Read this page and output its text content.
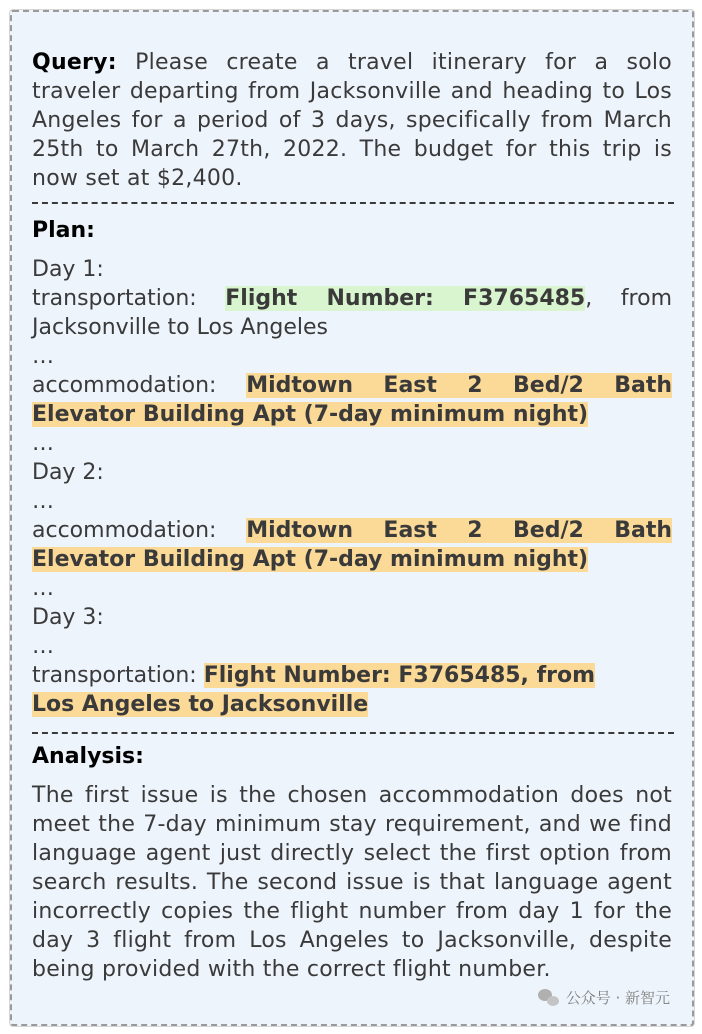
Query: Please create a travel itinerary for a solo traveler departing from Jacksonville and heading to Los Angeles for a period of 3 days, specifically from March 25th to March 27th, 2022. The budget for this trip is now set at $2,400.

Plan:

Day 1:

transportation: Flight Number: F3765485, from

Jacksonville to Los Angeles

…

accommodation: Midtown East 2 Bed/2 Bath

Elevator Building Apt (7-day minimum night)

…

Day 2:

…

accommodation: Midtown East 2 Bed/2 Bath

Elevator Building Apt (7-day minimum night)

…

Day 3:

…

transportation: Flight Number: F3765485, from

Los Angeles to Jacksonville

Analysis:

The first issue is the chosen accommodation does not meet the 7-day minimum stay requirement, and we find language agent just directly select the first option from search results. The second issue is that language agent incorrectly copies the flight number from day 1 for the day 3 flight from Los Angeles to Jacksonville, despite being provided with the correct flight number.

公众号 · 新智元
